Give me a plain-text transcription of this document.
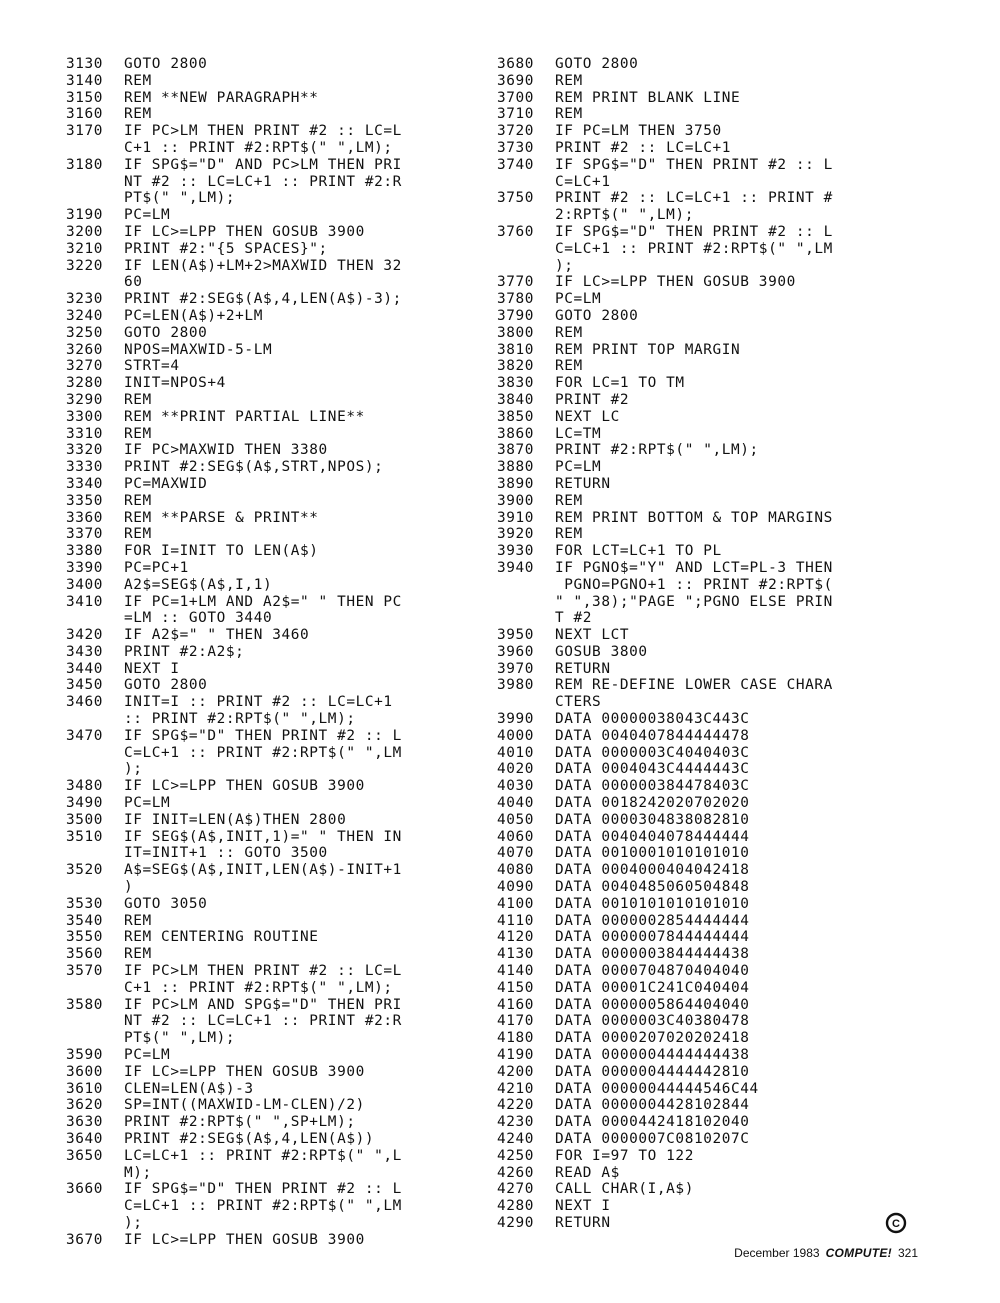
3130	GOTO 2800
3140	REM
3150	REM **NEW PARAGRAPH**
3160	REM
3170	IF PC>LM THEN PRINT #2 :: LC=L
C+1 :: PRINT #2:RPT$(" ",LM);
3180	IF SPG$="D" AND PC>LM THEN PRI
NT #2 :: LC=LC+1 :: PRINT #2:R
PT$(" ",LM);
3190	PC=LM
3200	IF LC>=LPP THEN GOSUB 3900
3210	PRINT #2:"{5 SPACES}";
3220	IF LEN(A$)+LM+2>MAXWID THEN 32
60
3230	PRINT #2:SEG$(A$,4,LEN(A$)-3);
3240	PC=LEN(A$)+2+LM
3250	GOTO 2800
3260	NPOS=MAXWID-5-LM
3270	STRT=4
3280	INIT=NPOS+4
3290	REM
3300	REM **PRINT PARTIAL LINE**
3310	REM
3320	IF PC>MAXWID THEN 3380
3330	PRINT #2:SEG$(A$,STRT,NPOS);
3340	PC=MAXWID
3350	REM
3360	REM **PARSE & PRINT**
3370	REM
3380	FOR I=INIT TO LEN(A$)
3390	PC=PC+1
3400	A2$=SEG$(A$,I,1)
3410	IF PC=1+LM AND A2$=" " THEN PC
=LM :: GOTO 3440
3420	IF A2$=" " THEN 3460
3430	PRINT #2:A2$;
3440	NEXT I
3450	GOTO 2800
3460	INIT=I :: PRINT #2 :: LC=LC+1
:: PRINT #2:RPT$(" ",LM);
3470	IF SPG$="D" THEN PRINT #2 :: L
C=LC+1 :: PRINT #2:RPT$(" ",LM
);
3480	IF LC>=LPP THEN GOSUB 3900
3490	PC=LM
3500	IF INIT=LEN(A$)THEN 2800
3510	IF SEG$(A$,INIT,1)=" " THEN IN
IT=INIT+1 :: GOTO 3500
3520	A$=SEG$(A$,INIT,LEN(A$)-INIT+1
)
3530	GOTO 3050
3540	REM
3550	REM CENTERING ROUTINE
3560	REM
3570	IF PC>LM THEN PRINT #2 :: LC=L
C+1 :: PRINT #2:RPT$(" ",LM);
3580	IF PC>LM AND SPG$="D" THEN PRI
NT #2 :: LC=LC+1 :: PRINT #2:R
PT$(" ",LM);
3590	PC=LM
3600	IF LC>=LPP THEN GOSUB 3900
3610	CLEN=LEN(A$)-3
3620	SP=INT((MAXWID-LM-CLEN)/2)
3630	PRINT #2:RPT$(" ",SP+LM);
3640	PRINT #2:SEG$(A$,4,LEN(A$))
3650	LC=LC+1 :: PRINT #2:RPT$(" ",L
M);
3660	IF SPG$="D" THEN PRINT #2 :: L
C=LC+1 :: PRINT #2:RPT$(" ",LM
);
3670	IF LC>=LPP THEN GOSUB 3900
3680	GOTO 2800
3690	REM
3700	REM PRINT BLANK LINE
3710	REM
3720	IF PC=LM THEN 3750
3730	PRINT #2 :: LC=LC+1
3740	IF SPG$="D" THEN PRINT #2 :: L
C=LC+1
3750	PRINT #2 :: LC=LC+1 :: PRINT #
2:RPT$(" ",LM);
3760	IF SPG$="D" THEN PRINT #2 :: L
C=LC+1 :: PRINT #2:RPT$(" ",LM
);
3770	IF LC>=LPP THEN GOSUB 3900
3780	PC=LM
3790	GOTO 2800
3800	REM
3810	REM PRINT TOP MARGIN
3820	REM
3830	FOR LC=1 TO TM
3840	PRINT #2
3850	NEXT LC
3860	LC=TM
3870	PRINT #2:RPT$(" ",LM);
3880	PC=LM
3890	RETURN
3900	REM
3910	REM PRINT BOTTOM & TOP MARGINS
3920	REM
3930	FOR LCT=LC+1 TO PL
3940	IF PGNO$="Y" AND LCT=PL-3 THEN
PGNO=PGNO+1 :: PRINT #2:RPT$(
" ",38);"PAGE ";PGNO ELSE PRIN
T #2
3950	NEXT LCT
3960	GOSUB 3800
3970	RETURN
3980	REM RE-DEFINE LOWER CASE CHARA
CTERS
3990	DATA 00000038043C443C
4000	DATA 0040407844444478
4010	DATA 0000003C4040403C
4020	DATA 0004043C4444443C
4030	DATA 000000384478403C
4040	DATA 0018242020702020
4050	DATA 0000304838082810
4060	DATA 0040404078444444
4070	DATA 0010001010101010
4080	DATA 0004000404042418
4090	DATA 0040485060504848
4100	DATA 0010101010101010
4110	DATA 0000002854444444
4120	DATA 0000007844444444
4130	DATA 0000003844444438
4140	DATA 0000704870404040
4150	DATA 00001C241C040404
4160	DATA 0000005864404040
4170	DATA 0000003C40380478
4180	DATA 0000207020202418
4190	DATA 0000004444444438
4200	DATA 0000004444442810
4210	DATA 00000044444546C44
4220	DATA 0000004428102844
4230	DATA 0000442418102040
4240	DATA 0000007C0810207C
4250	FOR I=97 TO 122
4260	READ A$
4270	CALL CHAR(I,A$)
4280	NEXT I
4290	RETURN	C
December 1983 COMPUTE! 321
